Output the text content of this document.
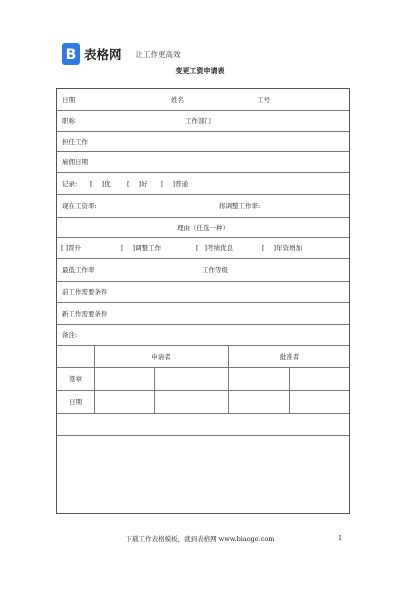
B 表格网 让工作更高效
变更工资申请表
日期	姓名	工号
职称	工作部门
担任工作
雇佣日期
记录: [ ]优	[ ]好 [ ]普通
现在工资率:	将调整工作率:
理由（任选一种）
[ ]晋升	[ ]调整工作	[ ]考绩优良	[ ]年资增加
最低工作率	工作等级
前工作需要条件
新工作需要条件
备注:
申请者	批准者
签章
日期
下载工作表格模板，就到表格网 www.biaoge.com	1
